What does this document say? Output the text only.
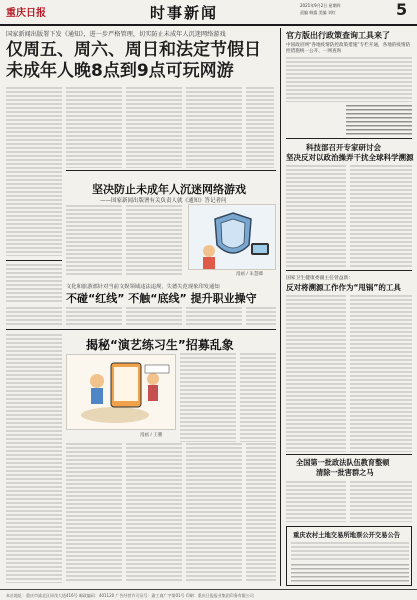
重庆日报	时事新闻	2021年9月2日 星期四
责编 韩露 美编 刘红	5
国家新闻出版署下发《通知》，进一步严格管理，切实防止未成年人沉迷网络游戏
仅周五、周六、周日和法定节假日
未成年人晚8点到9点可玩网游
坚决防止未成年人沉迷网络游戏
——国家新闻出版署有关负责人就《通知》答记者问
漫画 / 朱慧卿
文化和旅游部针对当前文娱领域违法违规、失德失范现象印发通知
不碰“红线” 不触“底线” 提升职业操守
揭秘“演艺练习生”招募乱象
漫画 / 王鹏
官方版出行政策查询工具来了
中国政府网“各地疫情防控政策措施”专栏开通，各地的疫情防控措施统一公开、一网查询
科技部召开专家研讨会
坚决反对以政治操弄干扰全球科学溯源
国家卫生健康委副主任曾益新：
反对将溯源工作作为“甩锅”的工具
全国第一批政法队伍教育整顿
清除一批害群之马
重庆农村土地交易所地票公开交易公告
本社地址：重庆市渝北区同茂大道416号 邮政编码：401120 广告经营许可证号：渝工商广字第01号 印刷：重庆日报报业集团印务有限公司
